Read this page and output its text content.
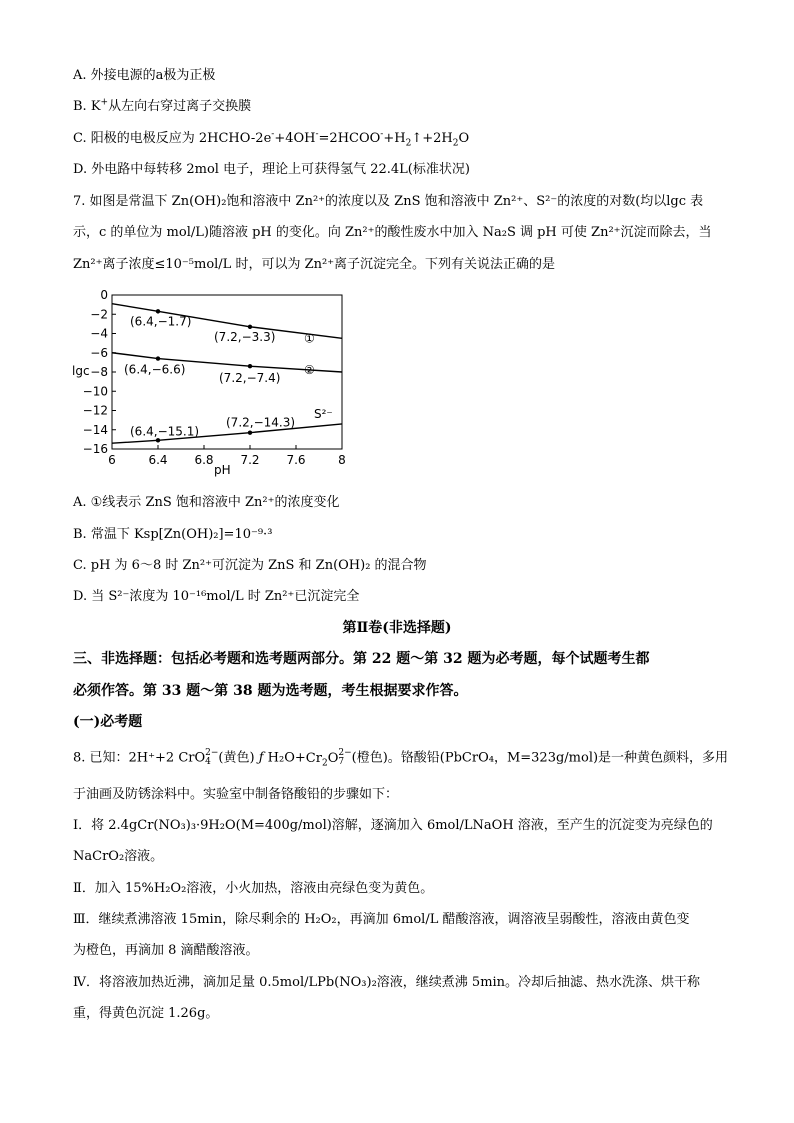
A. 外接电源的a极为正极
B. K+从左向右穿过离子交换膜
C. 阳极的电极反应为 $2HCHO-2e^-+4OH^-=2HCOO^-+H_2↑+2H_2O$
D. 外电路中每转移 2mol 电子，理论上可获得氢气 22.4L(标准状况)
7. 如图是常温下 Zn(OH)₂饱和溶液中 Zn²⁺的浓度以及 ZnS 饱和溶液中 Zn²⁺、S²⁻的浓度的对数(均以lgc 表
示，c 的单位为 mol/L)随溶液 pH 的变化。向 Zn²⁺的酸性废水中加入 Na₂S 调 pH 可使 Zn²⁺沉淀而除去，当
Zn²⁺离子浓度≤10⁻⁵mol/L 时，可以为 Zn²⁺离子沉淀完全。下列有关说法正确的是
0
−2
−4
−6
−8
−10
−12
−14
−16
6	6.4 6.8 7.2 7.6	8
①
②
S²⁻
(6.4,−1.7)
(7.2,−3.3)
(6.4,−6.6)
(7.2,−7.4)
(6.4,−15.1)
(7.2,−14.3)
lgc
pH
A. ①线表示 ZnS 饱和溶液中 Zn²⁺的浓度变化
B. 常温下 Ksp[Zn(OH)₂]=10⁻⁹·³
C. pH 为 6～8 时 Zn²⁺可沉淀为 ZnS 和 Zn(OH)₂ 的混合物
D. 当 S²⁻浓度为 10⁻¹⁶mol/L 时 Zn²⁺已沉淀完全
第Ⅱ卷(非选择题)
三、非选择题：包括必考题和选考题两部分。第 22 题～第 32 题为必考题，每个试题考生都
必须作答。第 33 题～第 38 题为选考题，考生根据要求作答。
(一)必考题
8. 已知：2H⁺+2 CrO 2−
4 (黄色) ƒ $H_2O+Cr_2O$ 2−
7 (橙色)。铬酸铅(PbCrO₄，M=323g/mol)是一种黄色颜料，多用
于油画及防锈涂料中。实验室中制备铬酸铅的步骤如下：
Ⅰ．将 2.4gCr(NO₃)₃·9H₂O(M=400g/mol)溶解，逐滴加入 6mol/LNaOH 溶液，至产生的沉淀变为亮绿色的
NaCrO₂溶液。
Ⅱ．加入 15%H₂O₂溶液，小火加热，溶液由亮绿色变为黄色。
Ⅲ．继续煮沸溶液 15min，除尽剩余的 H₂O₂，再滴加 6mol/L 醋酸溶液，调溶液呈弱酸性，溶液由黄色变
为橙色，再滴加 8 滴醋酸溶液。
Ⅳ．将溶液加热近沸，滴加足量 0.5mol/LPb(NO₃)₂溶液，继续煮沸 5min。冷却后抽滤、热水洗涤、烘干称
重，得黄色沉淀 1.26g。
